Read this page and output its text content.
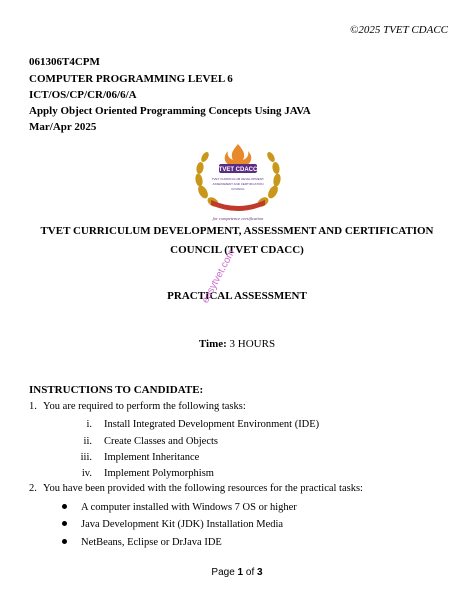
©2025 TVET CDACC
061306T4CPM
COMPUTER PROGRAMMING LEVEL 6
ICT/OS/CP/CR/06/6/A
Apply Object Oriented Programming Concepts Using JAVA
Mar/Apr 2025
TVET CDACC
TVET CURRICULUM DEVELOPMENT,
ASSESSMENT AND CERTIFICATION
COUNCIL
for competence certification
TVET CURRICULUM DEVELOPMENT, ASSESSMENT AND CERTIFICATION
COUNCIL (TVET CDACC)
PRACTICAL ASSESSMENT
easytvet.com
Time: 3 HOURS
INSTRUCTIONS TO CANDIDATE:
1. You are required to perform the following tasks:
i. Install Integrated Development Environment (IDE)
ii. Create Classes and Objects
iii. Implement Inheritance
iv. Implement Polymorphism
2. You have been provided with the following resources for the practical tasks:
A computer installed with Windows 7 OS or higher
Java Development Kit (JDK) Installation Media
NetBeans, Eclipse or DrJava IDE
Page 1 of 3
